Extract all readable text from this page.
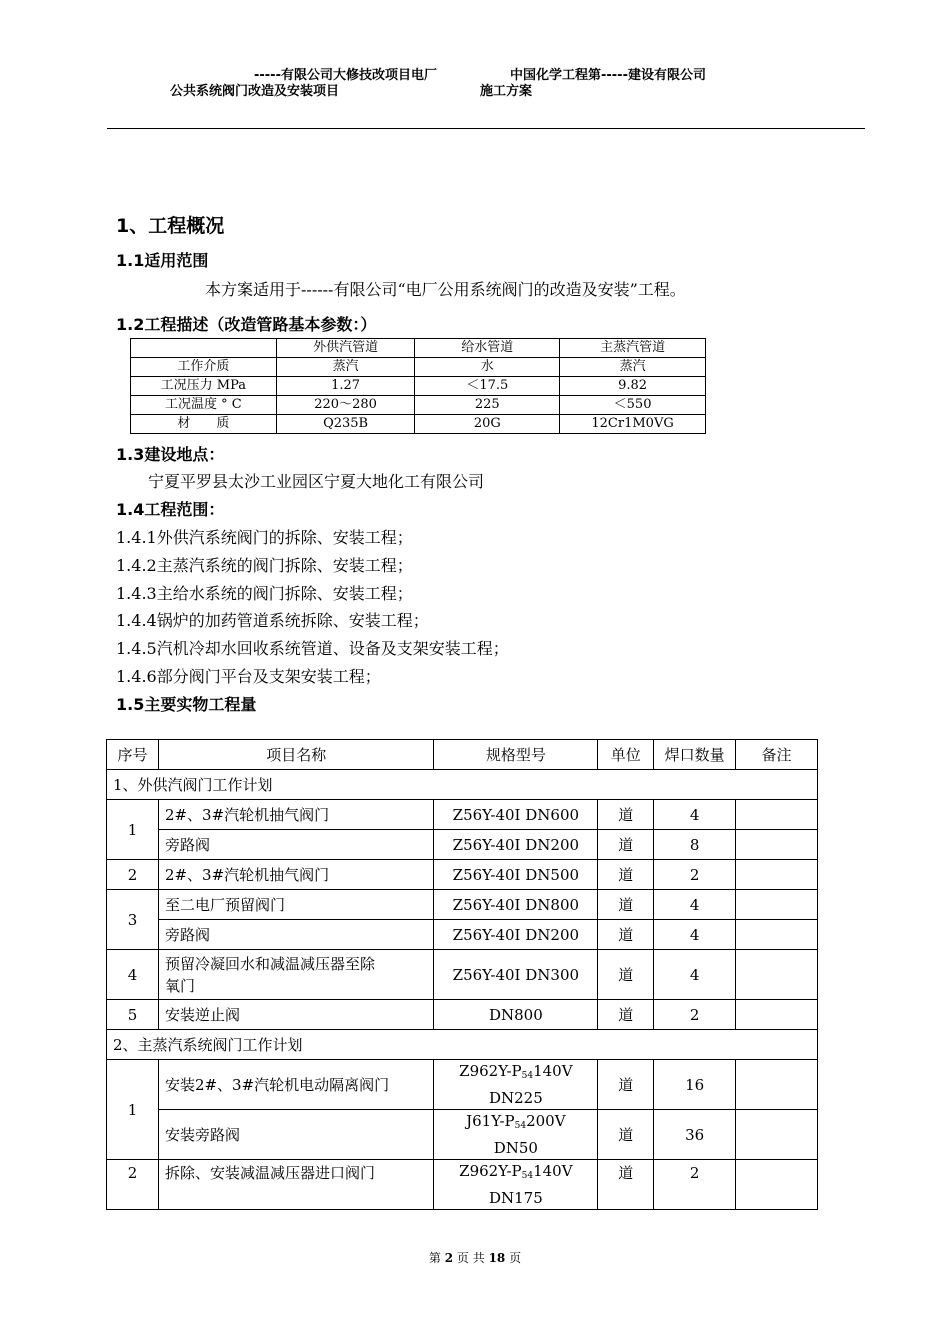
-----有限公司大修技改项目电厂	中国化学工程第-----建设有限公司
公共系统阀门改造及安装项目	施工方案
1、工程概况
1.1适用范围
本方案适用于------有限公司“电厂公用系统阀门的改造及安装”工程。
1.2工程描述（改造管路基本参数：）
	外供汽管道	给水管道	主蒸汽管道
工作介质	蒸汽	水	蒸汽
工况压力 MPa	1.27	＜17.5	9.82
工况温度 ° C	220～280	225	＜550
材　　质	Q235B	20G	12Cr1M0VG
1.3建设地点：
宁夏平罗县太沙工业园区宁夏大地化工有限公司
1.4工程范围：
1.4.1外供汽系统阀门的拆除、安装工程；
1.4.2主蒸汽系统的阀门拆除、安装工程；
1.4.3主给水系统的阀门拆除、安装工程；
1.4.4锅炉的加药管道系统拆除、安装工程；
1.4.5汽机冷却水回收系统管道、设备及支架安装工程；
1.4.6部分阀门平台及支架安装工程；
1.5主要实物工程量
序号	项目名称	规格型号	单位	焊口数量	备注
1、外供汽阀门工作计划					
1	2#、3#汽轮机抽气阀门	Z56Y-40I DN600	道	4	
	旁路阀	Z56Y-40I DN200	道	8	
2	2#、3#汽轮机抽气阀门	Z56Y-40I DN500	道	2	
3	至二电厂预留阀门	Z56Y-40I DN800	道	4	
	旁路阀	Z56Y-40I DN200	道	4	
4	预留冷凝回水和减温减压器至除
氧门	Z56Y-40I DN300	道	4	
5	安装逆止阀	DN800	道	2	
2、主蒸汽系统阀门工作计划					
1	安装2#、3#汽轮机电动隔离阀门	$Z962Y-P_{54}140V$
DN225	道	16	
	安装旁路阀	$J61Y-P_{54}200V$
DN50	道	36	
2	拆除、安装减温减压器进口阀门	$Z962Y-P_{54}140V$
DN175	道	2	
第 2 页 共 18 页
